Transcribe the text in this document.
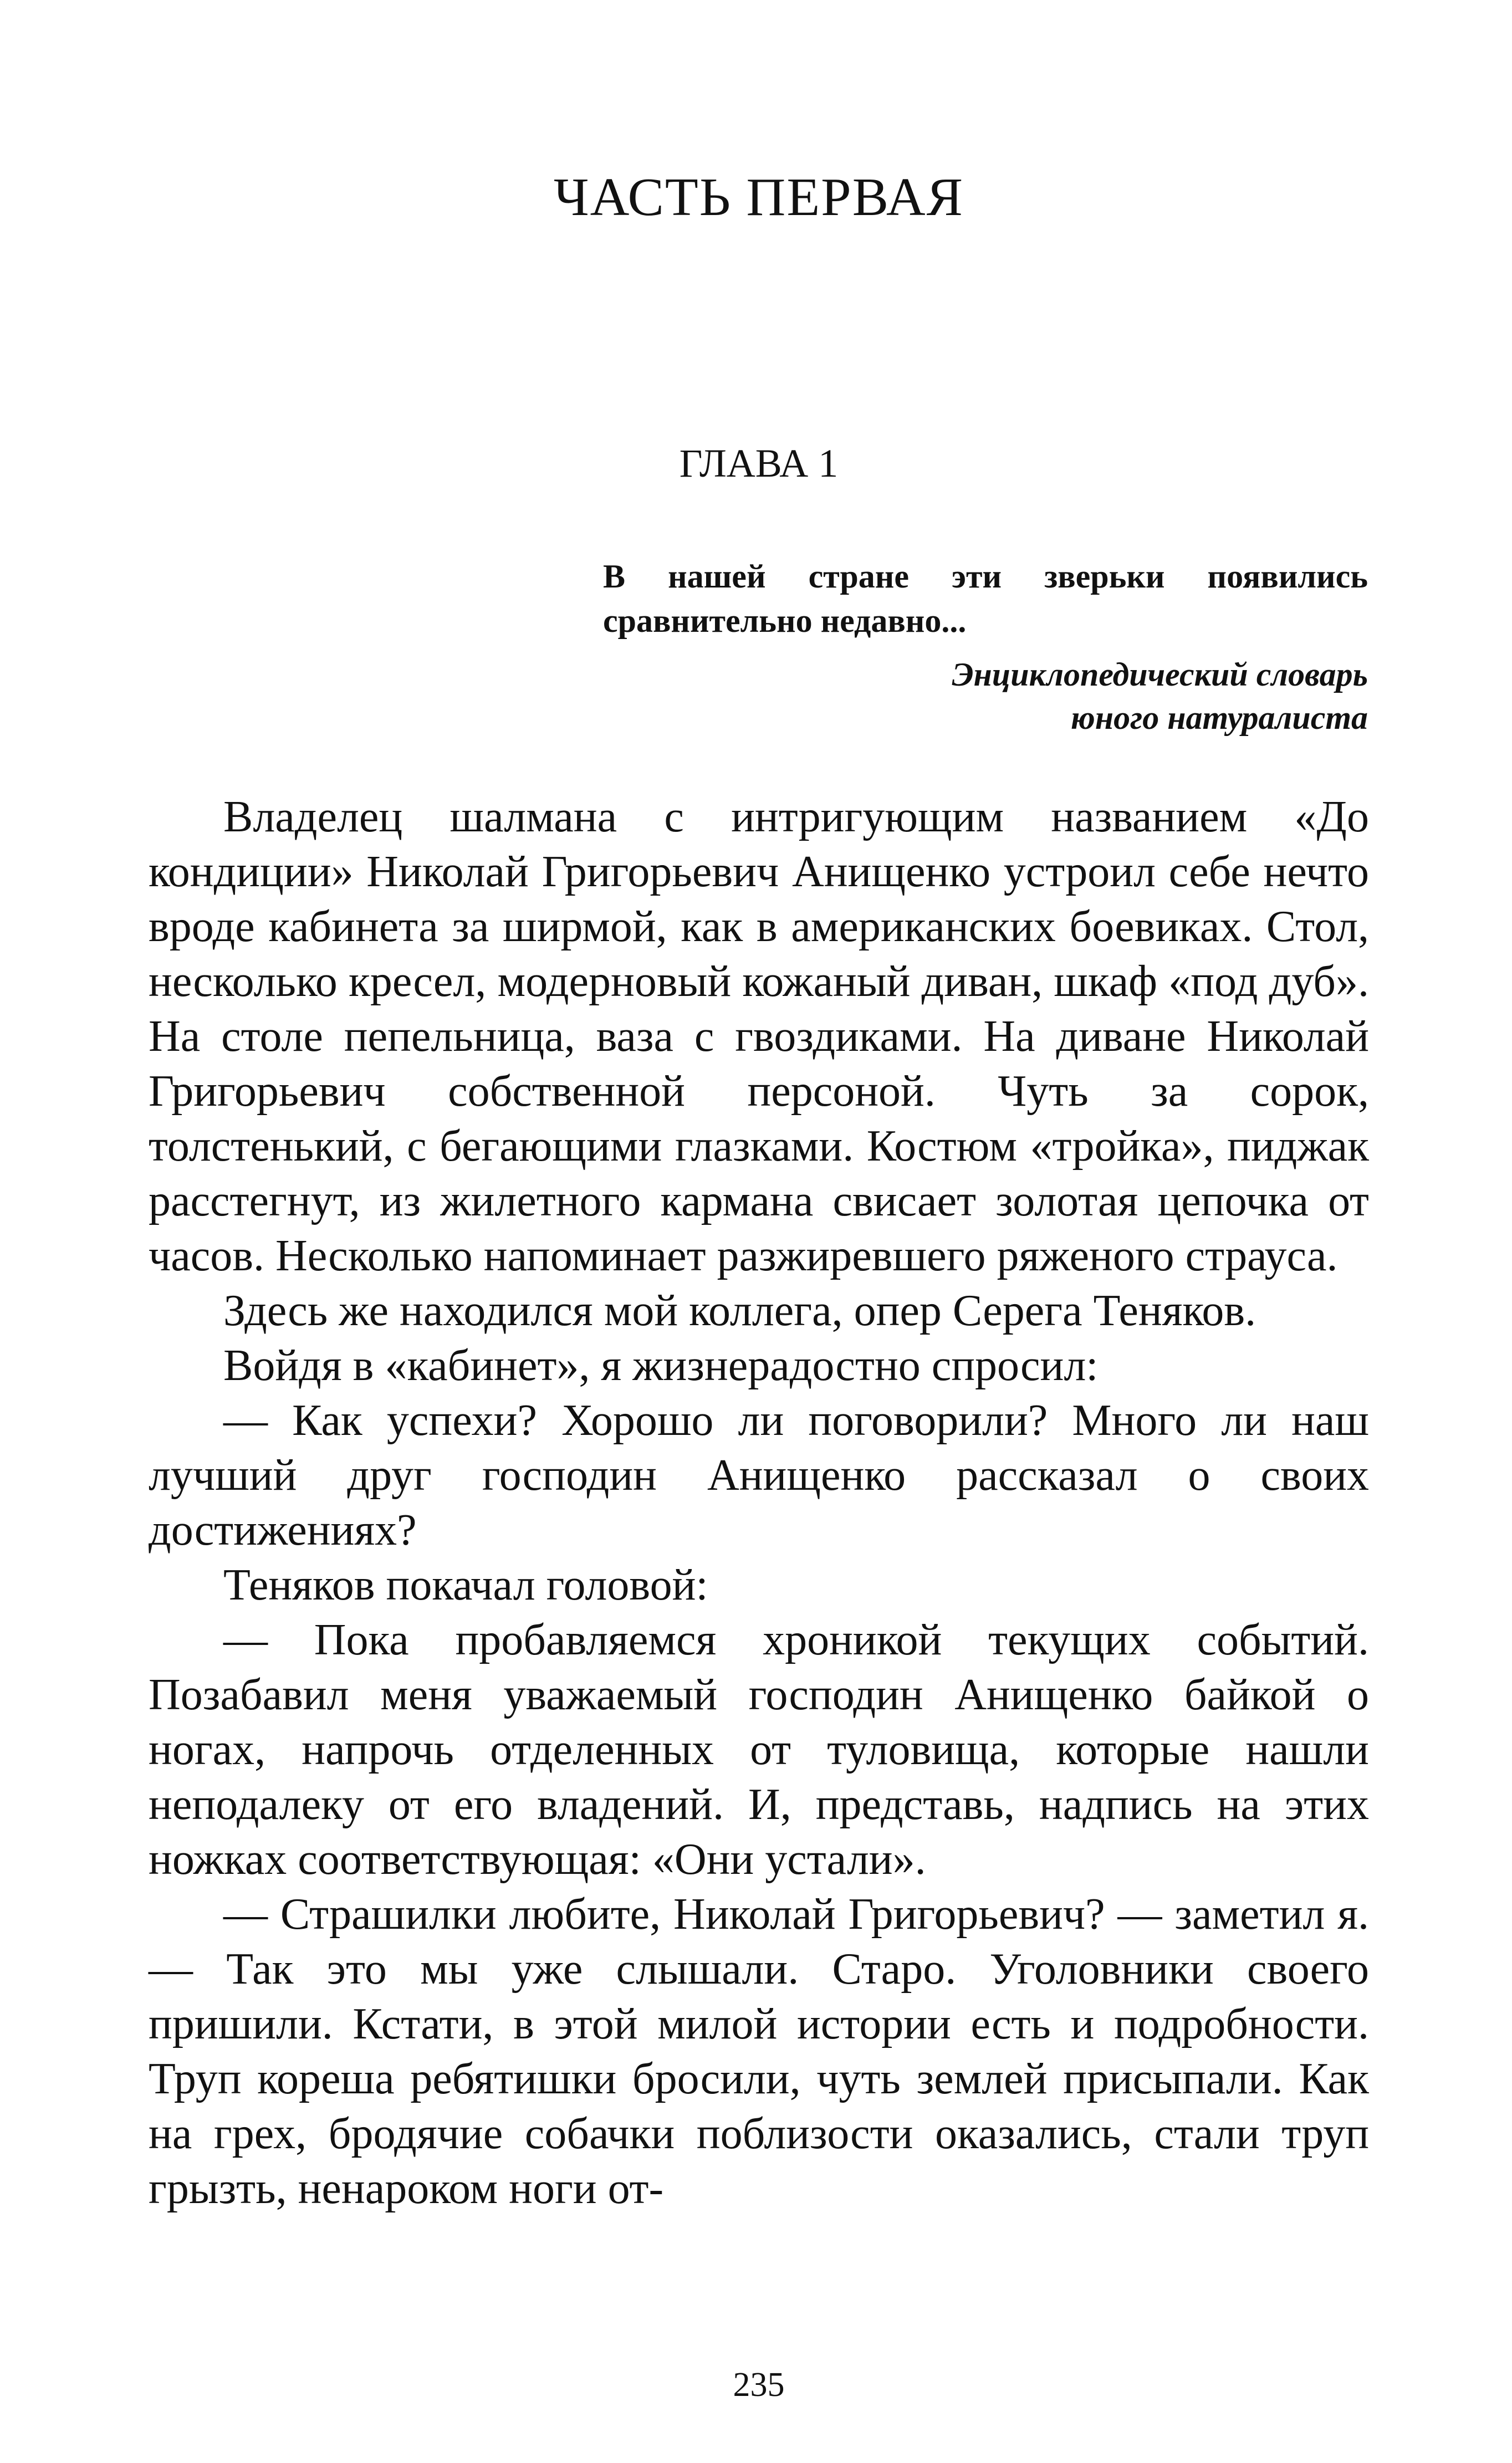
ЧАСТЬ ПЕРВАЯ
ГЛАВА 1

В нашей стране эти зверьки появились сравнительно недавно...

Энциклопедический словарь
юного натуралиста

Владелец шалмана с интригующим названием «До кондиции» Николай Григорьевич Анищенко устроил себе нечто вроде кабинета за ширмой, как в американских боевиках. Стол, несколько кресел, модерновый кожаный диван, шкаф «под дуб». На столе пепельница, ваза с гвоздиками. На диване Николай Григорьевич собственной персоной. Чуть за сорок, толстенький, с бегающими глазками. Костюм «тройка», пиджак расстегнут, из жилетного кармана свисает золотая цепочка от часов. Несколько напоминает разжиревшего ряженого страуса.

Здесь же находился мой коллега, опер Серега Теняков.

Войдя в «кабинет», я жизнерадостно спросил:

— Как успехи? Хорошо ли поговорили? Много ли наш лучший друг господин Анищенко рассказал о своих достижениях?

Теняков покачал головой:

— Пока пробавляемся хроникой текущих событий. Позабавил меня уважаемый господин Анищенко байкой о ногах, напрочь отделенных от туловища, которые нашли неподалеку от его владений. И, представь, надпись на этих ножках соответствующая: «Они устали».

— Страшилки любите, Николай Григорьевич? — заметил я. — Так это мы уже слышали. Старо. Уголовники своего пришили. Кстати, в этой милой истории есть и подробности. Труп кореша ребятишки бросили, чуть землей присыпали. Как на грех, бродячие собачки поблизости оказались, стали труп грызть, ненароком ноги от-

235
